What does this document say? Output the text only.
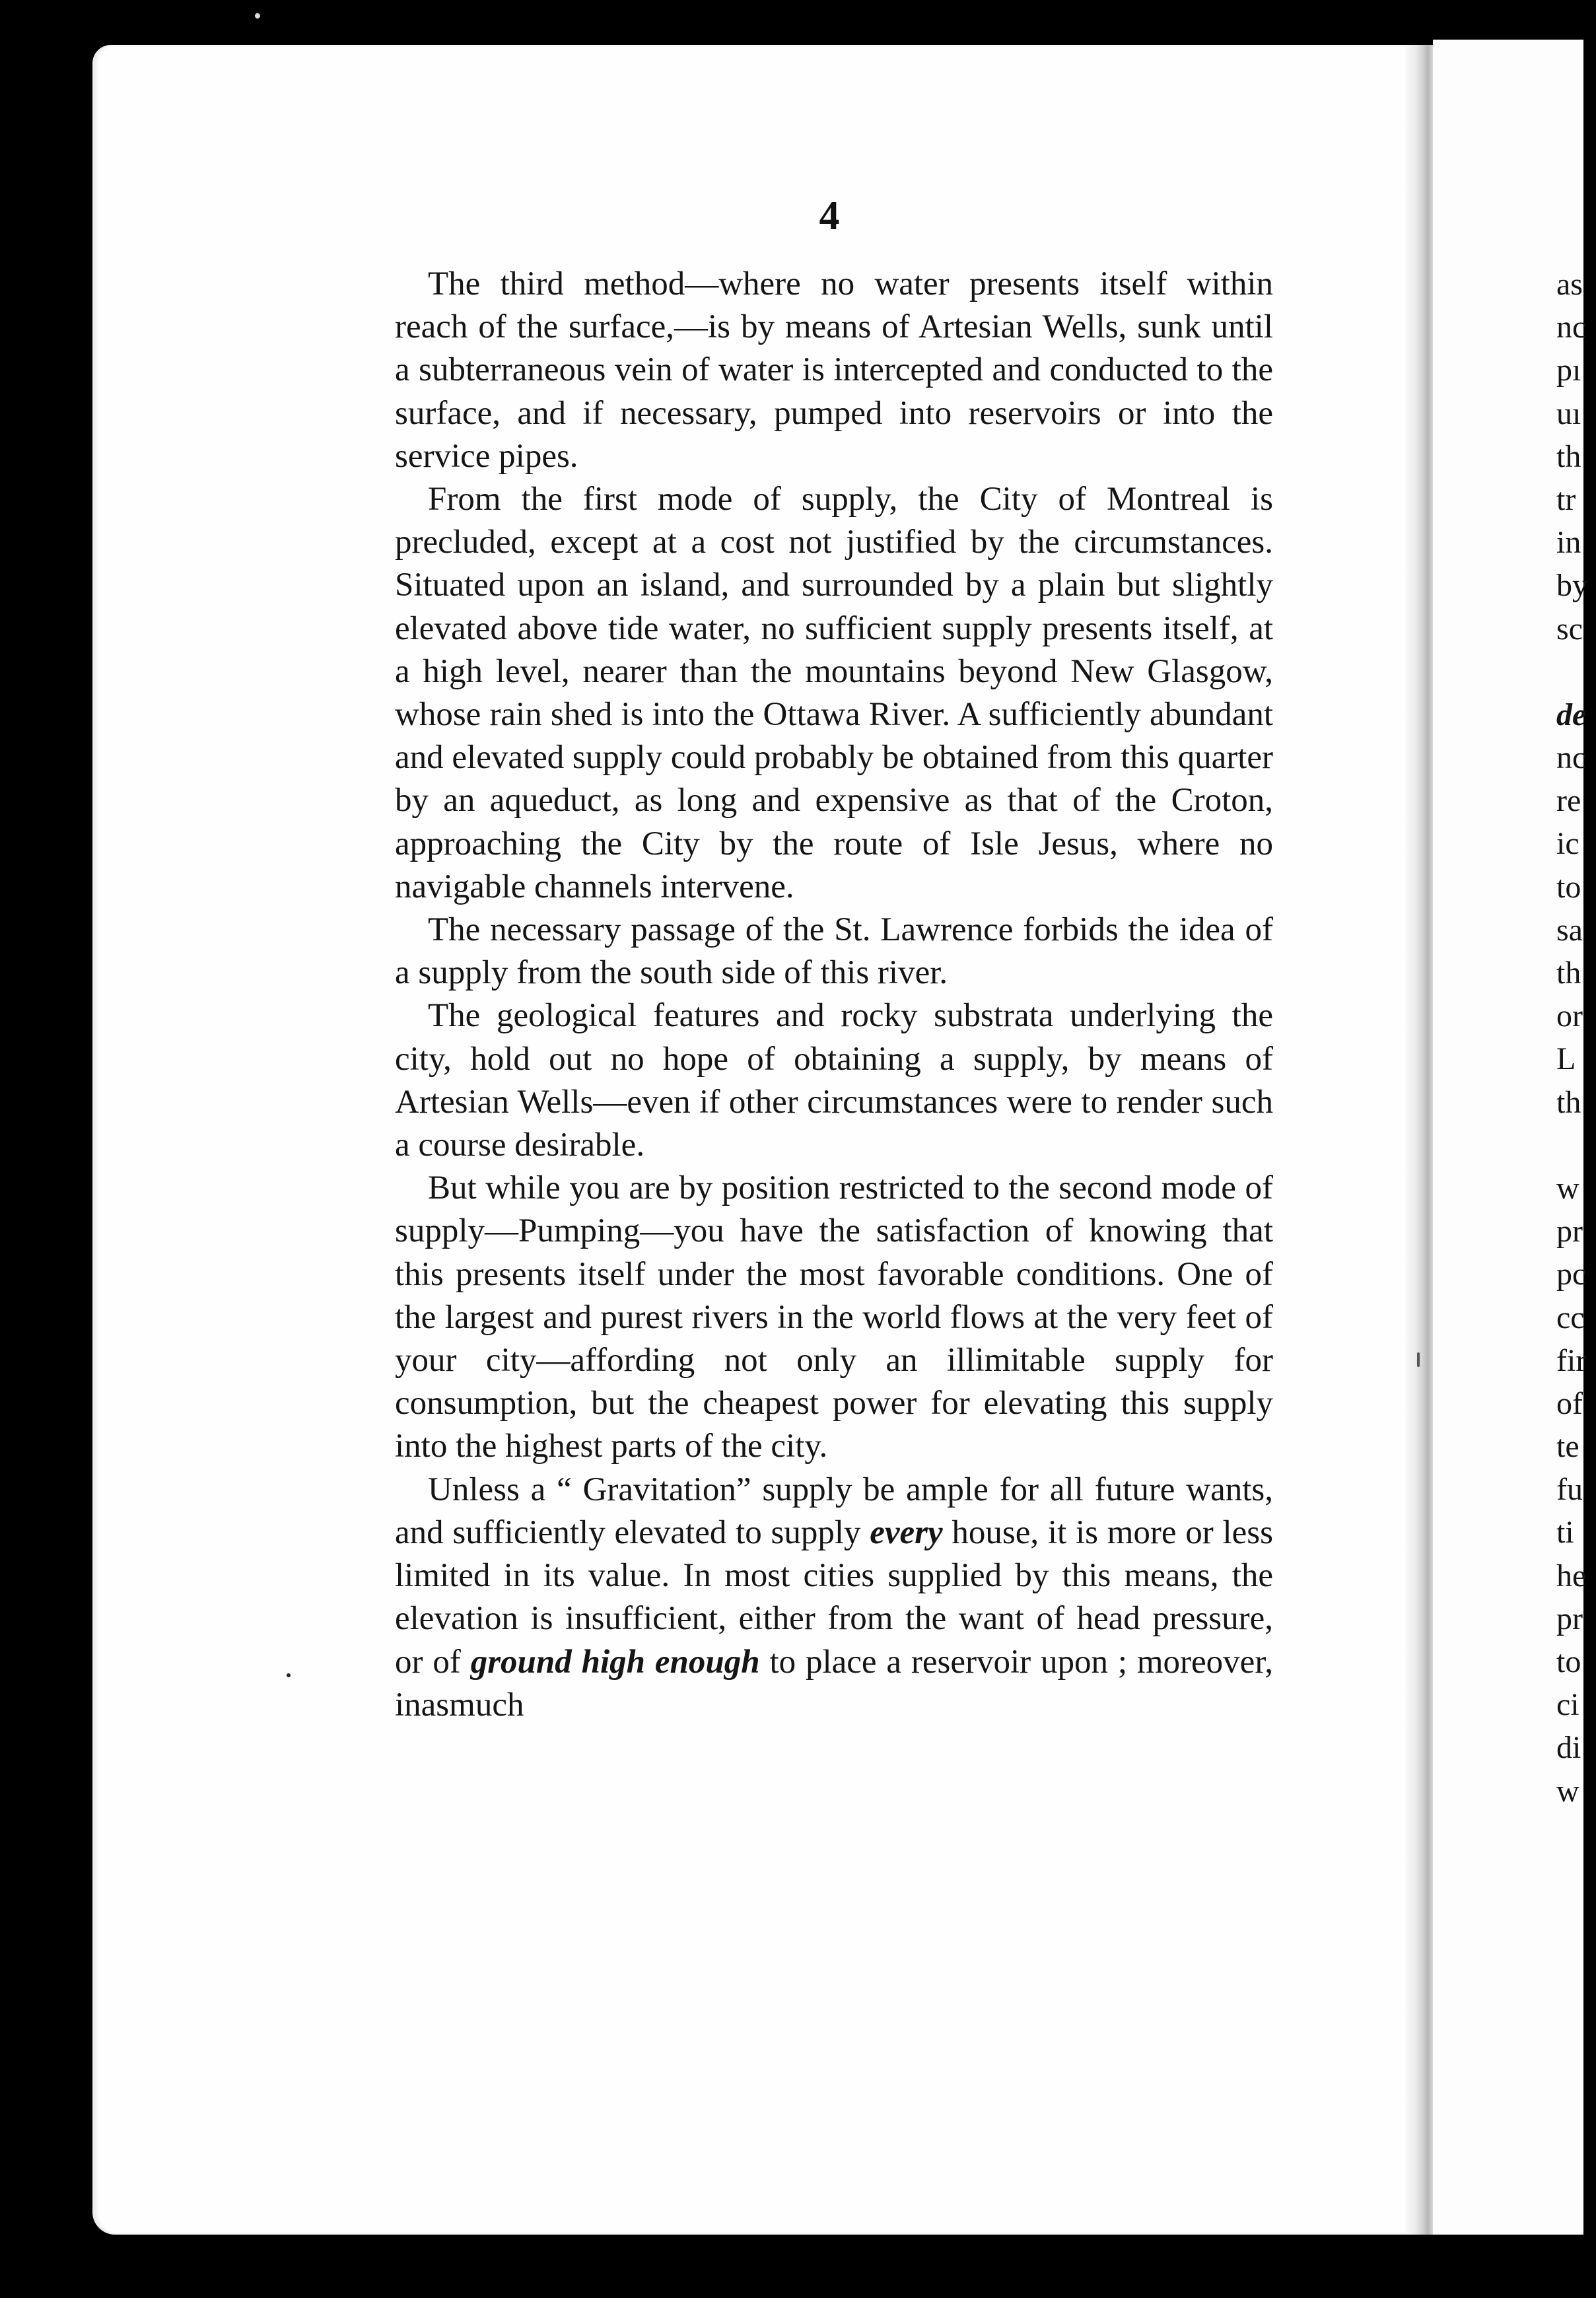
4

The third method—where no water presents itself within reach of the surface,—is by means of Artesian Wells, sunk until a subterraneous vein of water is intercepted and conducted to the surface, and if necessary, pumped into reservoirs or into the service pipes.

From the first mode of supply, the City of Montreal is precluded, except at a cost not justified by the circumstances. Situated upon an island, and surrounded by a plain but slightly elevated above tide water, no sufficient supply presents itself, at a high level, nearer than the mountains beyond New Glasgow, whose rain shed is into the Ottawa River. A sufficiently abundant and elevated supply could probably be obtained from this quarter by an aqueduct, as long and expensive as that of the Croton, approaching the City by the route of Isle Jesus, where no navigable channels intervene.

The necessary passage of the St. Lawrence forbids the idea of a supply from the south side of this river.

The geological features and rocky substrata underlying the city, hold out no hope of obtaining a supply, by means of Artesian Wells—even if other circumstances were to render such a course desirable.

But while you are by position restricted to the second mode of supply—Pumping—you have the satisfaction of knowing that this presents itself under the most favorable conditions. One of the largest and purest rivers in the world flows at the very feet of your city—affording not only an illimitable supply for consumption, but the cheapest power for elevating this supply into the highest parts of the city.

Unless a “ Gravitation” supply be ample for all future wants, and sufficiently elevated to supply every house, it is more or less limited in its value. In most cities supplied by this means, the elevation is insufficient, either from the want of head pressure, or of ground high enough to place a reservoir upon ; moreover, inasmuch

as
nc
pı
uı
th
tr
in
by
sc
de
nc
re
ic
to
sa
th
or
L
th
w
pr
pc
cc
fir
of
te
fu
ti
he
pr
to
ci
di
w
